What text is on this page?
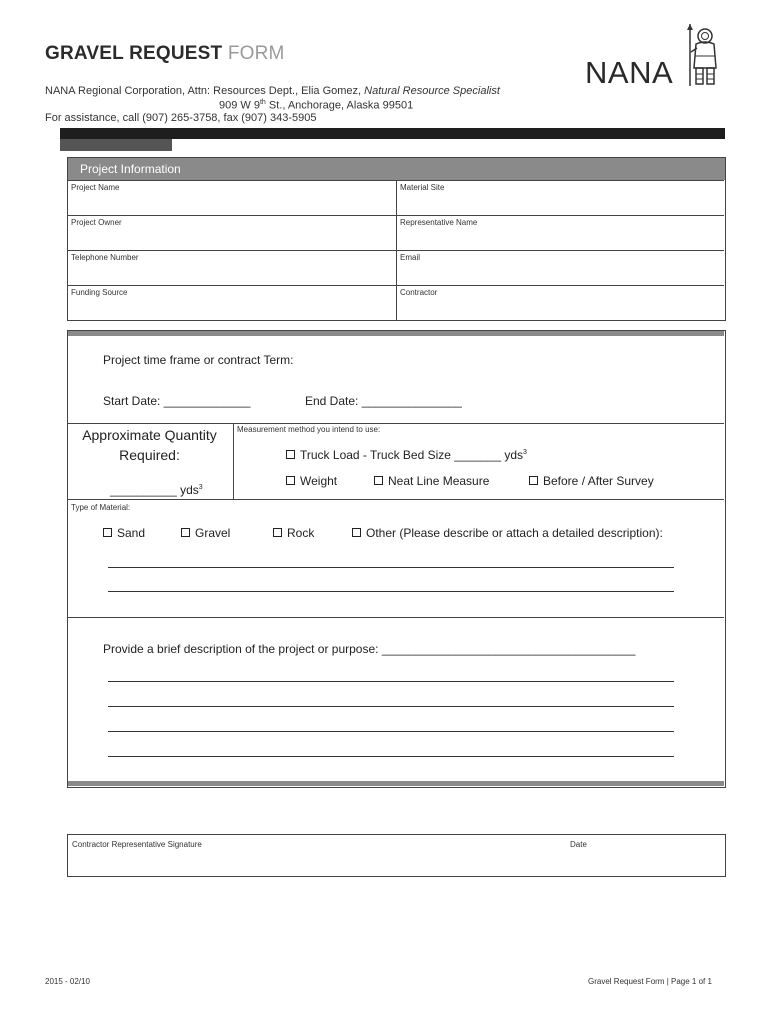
GRAVEL REQUEST FORM
NANA
NANA Regional Corporation, Attn: Resources Dept., Elia Gomez, Natural Resource Specialist
909 W 9th St., Anchorage, Alaska 99501
For assistance, call (907) 265-3758, fax (907) 343-5905
Project Information
Project Name	Material Site
Project Owner	Representative Name
Telephone Number	Email
Funding Source	Contractor
Project time frame or contract Term:
Start Date: _____________	End Date: _______________
Approximate Quantity
Required:
__________ yds$^3$
Measurement method you intend to use:
Truck Load - Truck Bed Size _______ yds$^3$
Weight	Neat Line Measure	Before / After Survey
Type of Material:
Sand	Gravel	Rock	Other (Please describe or attach a detailed description):
Provide a brief description of the project or purpose: ______________________________________
Contractor Representative Signature	Date
2015 - 02/10	Gravel Request Form | Page 1 of 1
